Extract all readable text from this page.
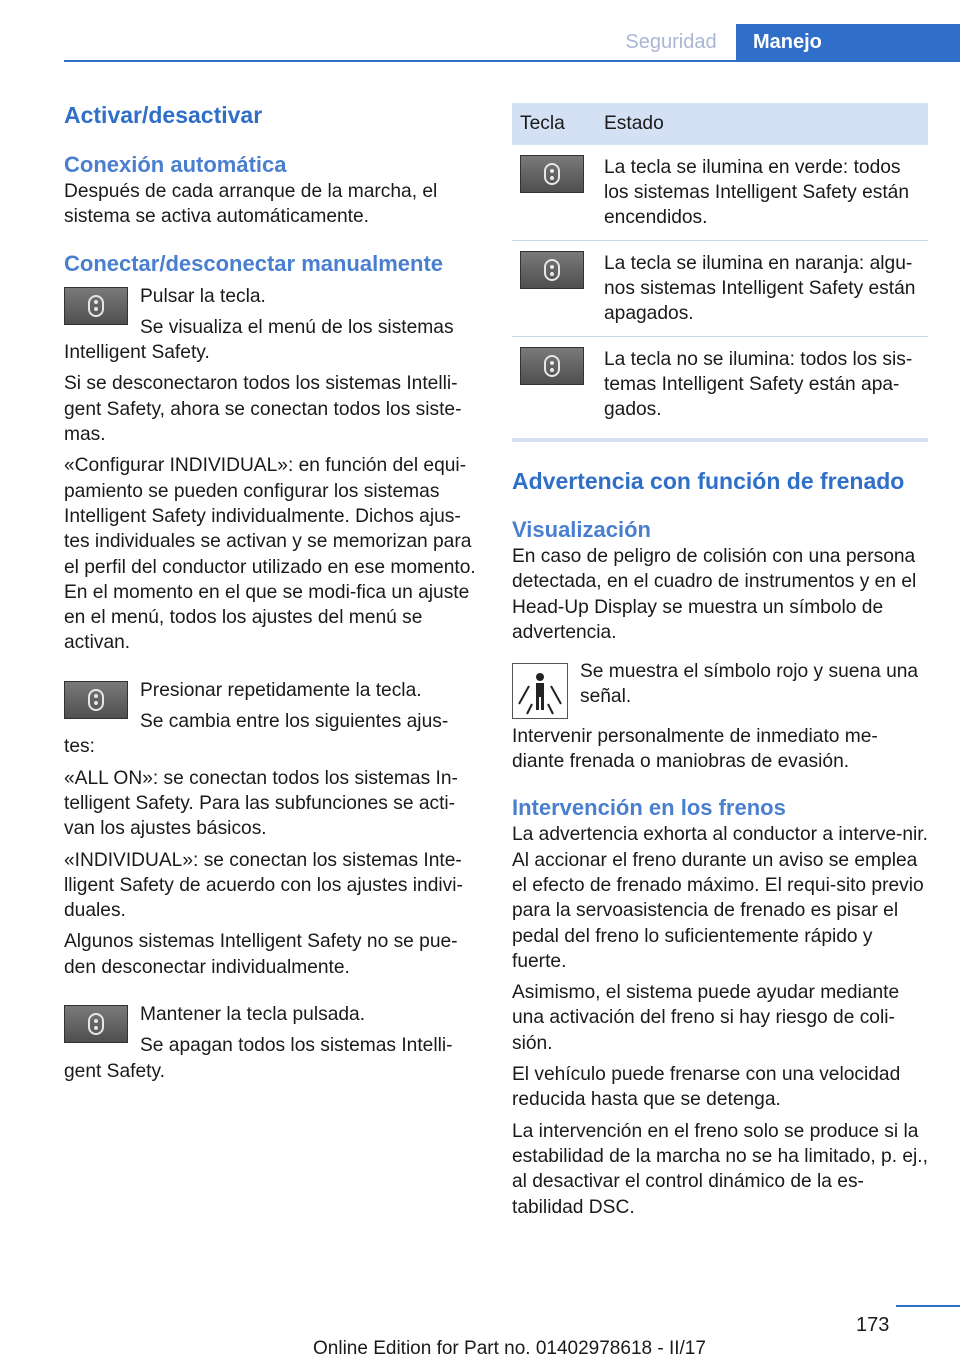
Seguridad	Manejo
Activar/desactivar
Conexión automática

Después de cada arranque de la marcha, el sistema se activa automáticamente.

Conectar/desconectar manualmente

Pulsar la tecla.

Se visualiza el menú de los sistemas Intelligent Safety.

Si se desconectaron todos los sistemas Intelli-gent Safety, ahora se conectan todos los siste-mas.

«Configurar INDIVIDUAL»: en función del equi-pamiento se pueden configurar los sistemas Intelligent Safety individualmente. Dichos ajus-tes individuales se activan y se memorizan para el perfil del conductor utilizado en ese momento. En el momento en el que se modi-fica un ajuste en el menú, todos los ajustes del menú se activan.

Presionar repetidamente la tecla.

Se cambia entre los siguientes ajus-tes:

«ALL ON»: se conectan todos los sistemas In-telligent Safety. Para las subfunciones se acti-van los ajustes básicos.

«INDIVIDUAL»: se conectan los sistemas Inte-lligent Safety de acuerdo con los ajustes indivi-duales.

Algunos sistemas Intelligent Safety no se pue-den desconectar individualmente.

Mantener la tecla pulsada.

Se apagan todos los sistemas Intelli-gent Safety.

Tecla	Estado

	La tecla se ilumina en verde: todos los sistemas Intelligent Safety están encendidos.

	La tecla se ilumina en naranja: algu-nos sistemas Intelligent Safety están apagados.

	La tecla no se ilumina: todos los sis-temas Intelligent Safety están apa-gados.
Advertencia con función de frenado
Visualización

En caso de peligro de colisión con una persona detectada, en el cuadro de instrumentos y en el Head-Up Display se muestra un símbolo de advertencia.

Se muestra el símbolo rojo y suena una señal.

Intervenir personalmente de inmediato me-diante frenada o maniobras de evasión.

Intervención en los frenos

La advertencia exhorta al conductor a interve-nir. Al accionar el freno durante un aviso se emplea el efecto de frenado máximo. El requi-sito previo para la servoasistencia de frenado es pisar el pedal del freno lo suficientemente rápido y fuerte.

Asimismo, el sistema puede ayudar mediante una activación del freno si hay riesgo de coli-sión.

El vehículo puede frenarse con una velocidad reducida hasta que se detenga.

La intervención en el freno solo se produce si la estabilidad de la marcha no se ha limitado, p. ej., al desactivar el control dinámico de la es-tabilidad DSC.

173
Online Edition for Part no. 01402978618 - II/17
